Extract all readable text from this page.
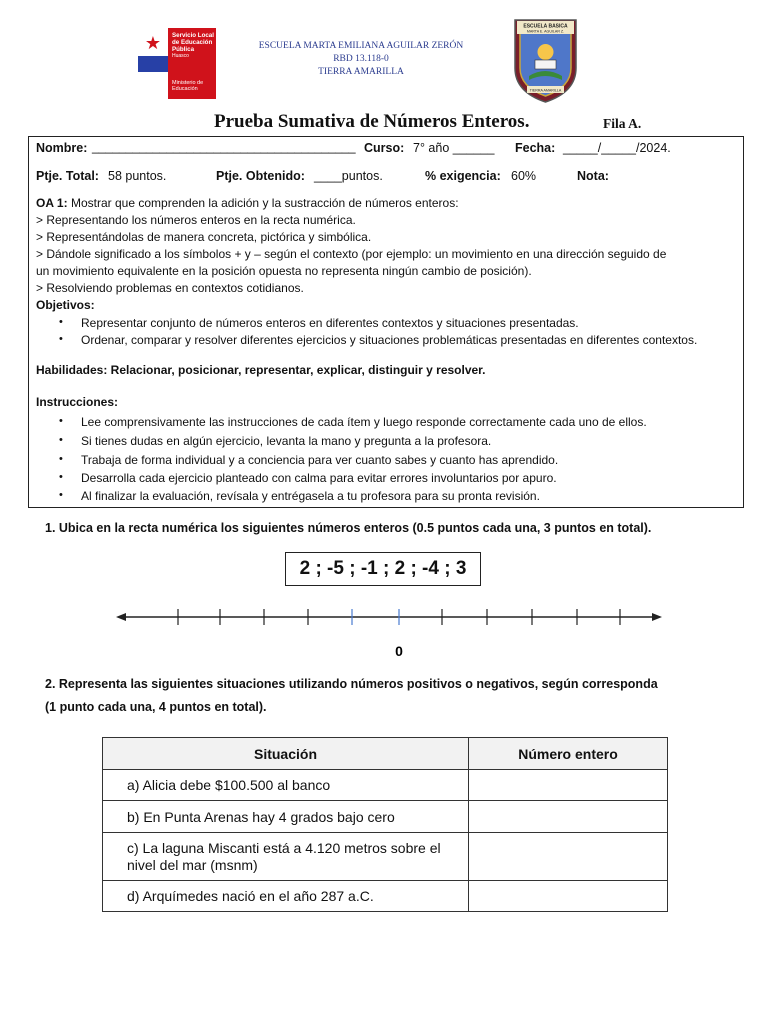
★	Servicio Local
de Educación
Pública
Huasco
Ministerio de
Educación
ESCUELA MARTA EMILIANA AGUILAR ZERÓN
RBD 13.118-0
TIERRA AMARILLA
ESCUELA BASICA
MARTA E. AGUILAR Z.
TIERRA AMARILLA
Prueba Sumativa de Números Enteros.	Fila A.
Nombre: _______________________________________ Curso: 7° año ______ Fecha: _____/_____/2024.
Ptje. Total: 58 puntos.	Ptje. Obtenido: ____puntos.	% exigencia: 60%	Nota:
OA 1: Mostrar que comprenden la adición y la sustracción de números enteros:
> Representando los números enteros en la recta numérica.
> Representándolas de manera concreta, pictórica y simbólica.
> Dándole significado a los símbolos + y – según el contexto (por ejemplo: un movimiento en una dirección seguido de
un movimiento equivalente en la posición opuesta no representa ningún cambio de posición).
> Resolviendo problemas en contextos cotidianos.
Objetivos:
• Representar conjunto de números enteros en diferentes contextos y situaciones presentadas.
• Ordenar, comparar y resolver diferentes ejercicios y situaciones problemáticas presentadas en diferentes contextos.
Habilidades: Relacionar, posicionar, representar, explicar, distinguir y resolver.
Instrucciones:
• Lee comprensivamente las instrucciones de cada ítem y luego responde correctamente cada uno de ellos.
• Si tienes dudas en algún ejercicio, levanta la mano y pregunta a la profesora.
• Trabaja de forma individual y a conciencia para ver cuanto sabes y cuanto has aprendido.
• Desarrolla cada ejercicio planteado con calma para evitar errores involuntarios por apuro.
• Al finalizar la evaluación, revísala y entrégasela a tu profesora para su pronta revisión.
1. Ubica en la recta numérica los siguientes números enteros (0.5 puntos cada una, 3 puntos en total).
2 ; -5 ; -1 ; 2 ; -4 ; 3
0
2. Representa las siguientes situaciones utilizando números positivos o negativos, según corresponda
(1 punto cada una, 4 puntos en total).
Situación	Número entero
a) Alicia debe $100.500 al banco	
b) En Punta Arenas hay 4 grados bajo cero	
c) La laguna Miscanti está a 4.120 metros sobre el nivel del mar (msnm)	
d) Arquímedes nació en el año 287 a.C.	
